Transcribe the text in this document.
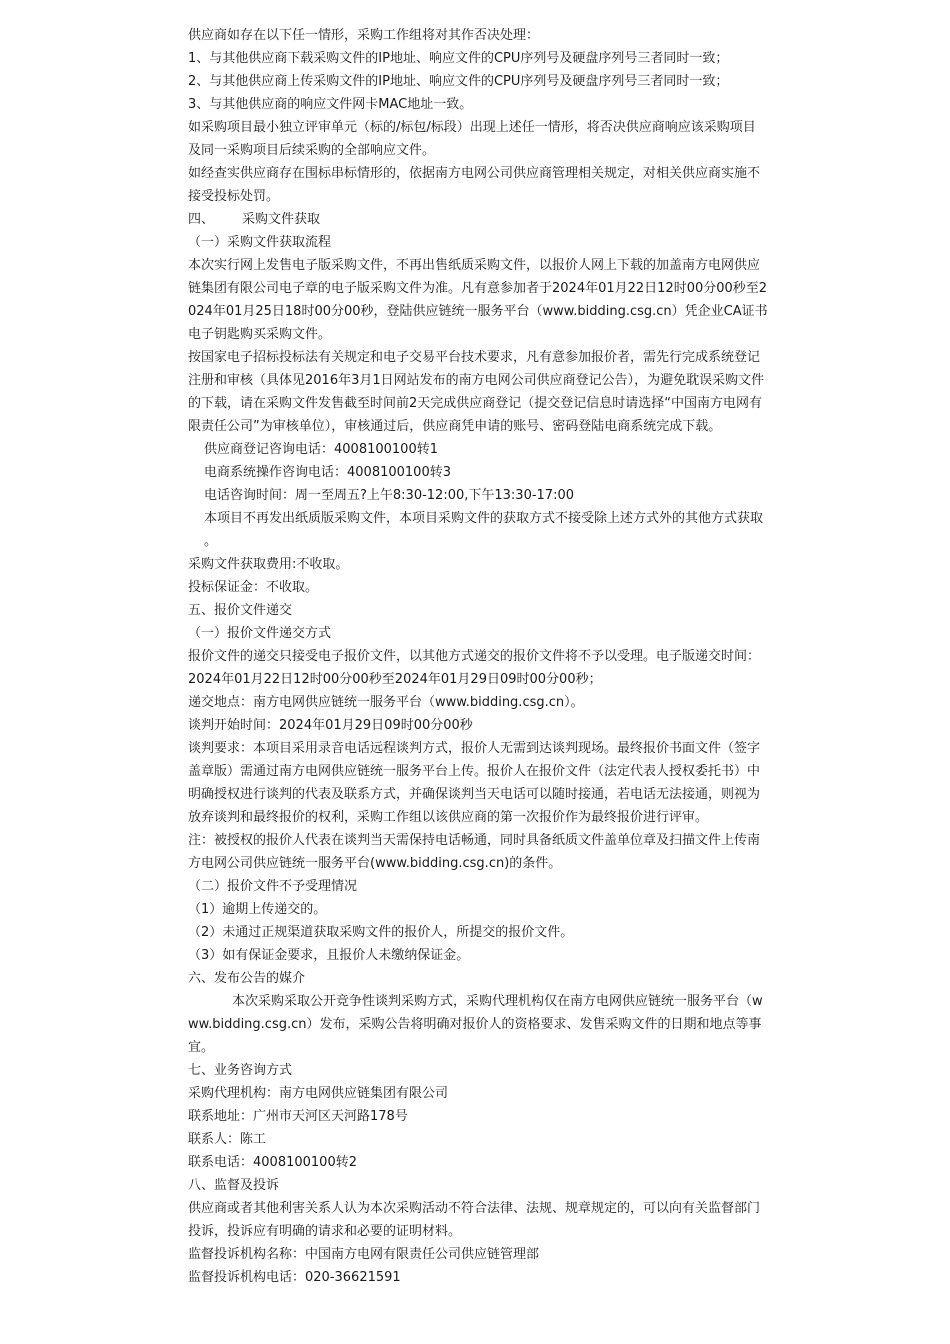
供应商如存在以下任一情形，采购工作组将对其作否决处理：

1、与其他供应商下载采购文件的IP地址、响应文件的CPU序列号及硬盘序列号三者同时一致；

2、与其他供应商上传采购文件的IP地址、响应文件的CPU序列号及硬盘序列号三者同时一致；

3、与其他供应商的响应文件网卡MAC地址一致。

如采购项目最小独立评审单元（标的/标包/标段）出现上述任一情形，将否决供应商响应该采购项目及同一采购项目后续采购的全部响应文件。

如经查实供应商存在围标串标情形的，依据南方电网公司供应商管理相关规定，对相关供应商实施不接受投标处罚。

四、 采购文件获取

（一）采购文件获取流程

本次实行网上发售电子版采购文件，不再出售纸质采购文件，以报价人网上下载的加盖南方电网供应链集团有限公司电子章的电子版采购文件为准。凡有意参加者于2024年01月22日12时00分00秒至2024年01月25日18时00分00秒，登陆供应链统一服务平台（www.bidding.csg.cn）凭企业CA证书电子钥匙购买采购文件。

按国家电子招标投标法有关规定和电子交易平台技术要求，凡有意参加报价者，需先行完成系统登记注册和审核（具体见2016年3月1日网站发布的南方电网公司供应商登记公告），为避免耽误采购文件的下载，请在采购文件发售截至时间前2天完成供应商登记（提交登记信息时请选择“中国南方电网有限责任公司”为审核单位），审核通过后，供应商凭申请的账号、密码登陆电商系统完成下载。

供应商登记咨询电话：4008100100转1

电商系统操作咨询电话：4008100100转3

电话咨询时间：周一至周五?上午8:30-12:00,下午13:30-17:00

本项目不再发出纸质版采购文件，本项目采购文件的获取方式不接受除上述方式外的其他方式获取 。

采购文件获取费用:不收取。

投标保证金：不收取。

五、报价文件递交

（一）报价文件递交方式

报价文件的递交只接受电子报价文件，以其他方式递交的报价文件将不予以受理。电子版递交时间：2024年01月22日12时00分00秒至2024年01月29日09时00分00秒；

递交地点：南方电网供应链统一服务平台（www.bidding.csg.cn）。

谈判开始时间：2024年01月29日09时00分00秒

谈判要求：本项目采用录音电话远程谈判方式，报价人无需到达谈判现场。最终报价书面文件（签字盖章版）需通过南方电网供应链统一服务平台上传。报价人在报价文件（法定代表人授权委托书）中明确授权进行谈判的代表及联系方式，并确保谈判当天电话可以随时接通，若电话无法接通，则视为放弃谈判和最终报价的权利，采购工作组以该供应商的第一次报价作为最终报价进行评审。

注：被授权的报价人代表在谈判当天需保持电话畅通，同时具备纸质文件盖单位章及扫描文件上传南方电网公司供应链统一服务平台(www.bidding.csg.cn)的条件。

（二）报价文件不予受理情况

（1）逾期上传递交的。

（2）未通过正规渠道获取采购文件的报价人，所提交的报价文件。

（3）如有保证金要求，且报价人未缴纳保证金。

六、发布公告的媒介

本次采购采取公开竞争性谈判采购方式，采购代理机构仅在南方电网供应链统一服务平台（www.bidding.csg.cn）发布，采购公告将明确对报价人的资格要求、发售采购文件的日期和地点等事宜。

七、业务咨询方式

采购代理机构：南方电网供应链集团有限公司

联系地址：广州市天河区天河路178号

联系人：陈工

联系电话：4008100100转2

八、监督及投诉

供应商或者其他利害关系人认为本次采购活动不符合法律、法规、规章规定的，可以向有关监督部门投诉，投诉应有明确的请求和必要的证明材料。

监督投诉机构名称：中国南方电网有限责任公司供应链管理部

监督投诉机构电话：020-36621591
